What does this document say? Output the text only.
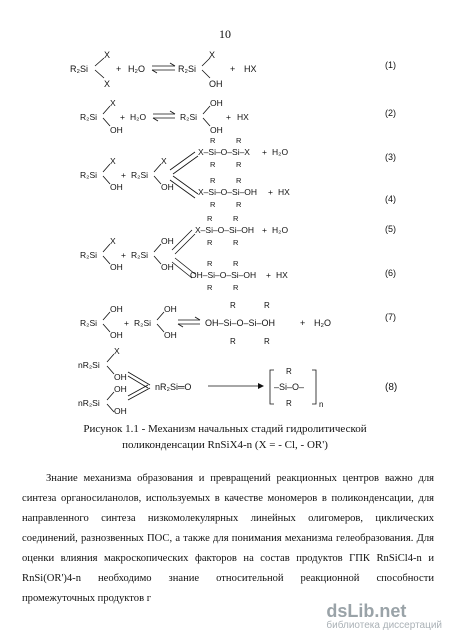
10
R₂Si
X
X
+ H₂O	R₂Si
X
OH
+ HX	(1)
R₂Si
X
OH
+ H₂O	R₂Si
OH
OH
+ HX	(2)
R₂Si
X
OH
+ R₂Si
X
OH
R	R
X–Si–O–Si–X
R	R
+ H₂O	(3)
R	R
X–Si–O–Si–OH
R	R
+ HX
(4)
R₂Si
X
OH
+ R₂Si
OH
OH
R	R
X–Si–O–Si–OH
R	R
+ H₂O	(5)
R	R
OH–Si–O–Si–OH
R	R
+ HX	(6)
R₂Si
OH
OH
+ R₂Si
OH
OH
R	R
OH–Si–O–Si–OH
R	R
+ H₂O
(7)
nR₂Si
X
OH
nR₂Si
OH
OH
nR₂Si═O
R
–Si–O–
R	n
(8)
Рисунок 1.1 - Механизм начальных стадий гидролитической
поликонденсации RnSiX4-n (X = - Cl, - OR')

Знание механизма образования и превращений реакционных центров важно для синтеза органосиланолов, используемых в качестве мономеров в поликонденсации, для направленного синтеза низкомолекулярных линейных олигомеров, циклических соединений, разнозвенных ПОС, а также для понимания механизма гелеобразования. Для оценки влияния макроскопических факторов на состав продуктов ГПК RnSiCl4-n и RnSi(OR')4-n необходимо знание относительной реакционной способности промежуточных продуктов г

dsLib.net
библиотека диссертаций
